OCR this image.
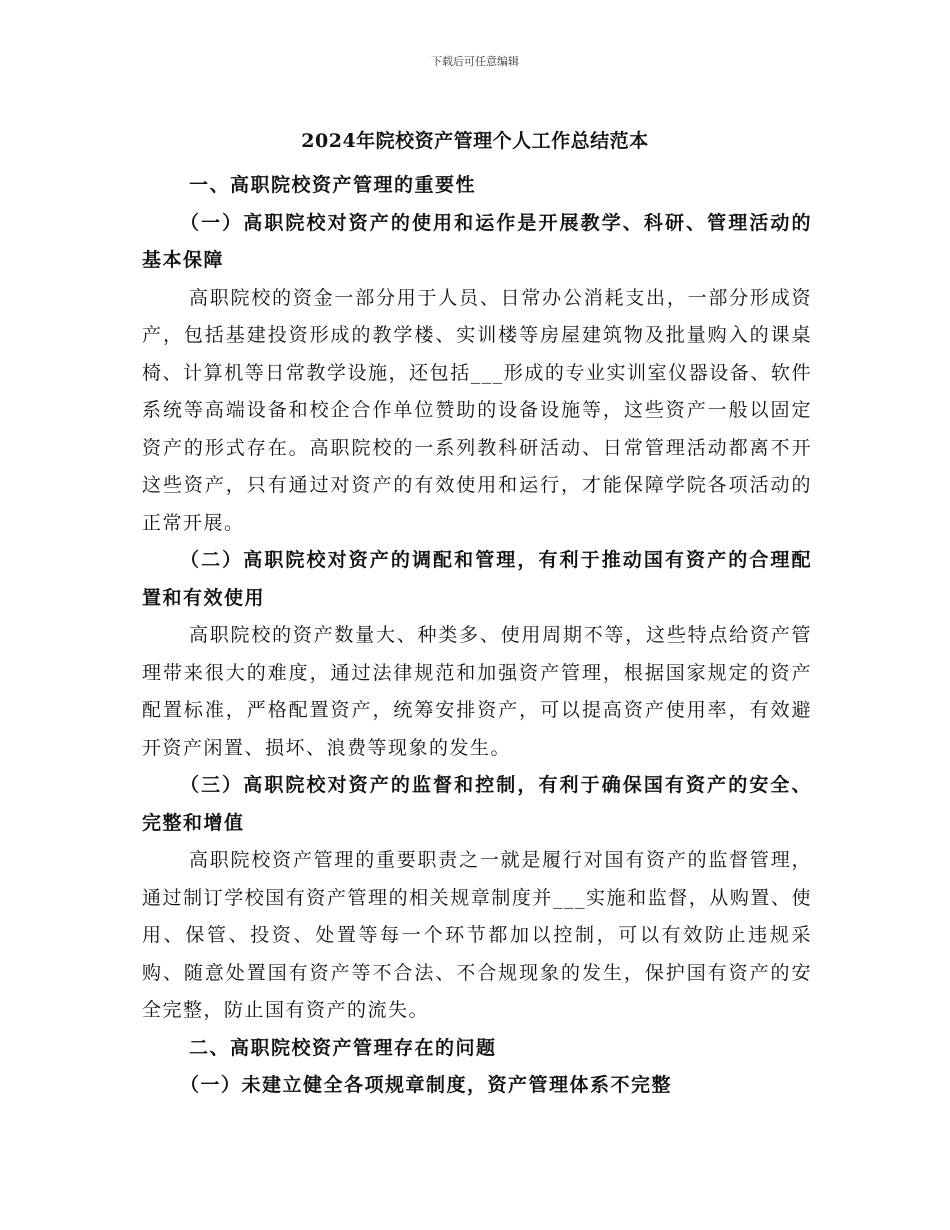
下载后可任意编辑
2024年院校资产管理个人工作总结范本

一、高职院校资产管理的重要性

（一）高职院校对资产的使用和运作是开展教学、科研、管理活动的基本保障

高职院校的资金一部分用于人员、日常办公消耗支出，一部分形成资产，包括基建投资形成的教学楼、实训楼等房屋建筑物及批量购入的课桌椅、计算机等日常教学设施，还包括___形成的专业实训室仪器设备、软件系统等高端设备和校企合作单位赞助的设备设施等，这些资产一般以固定资产的形式存在。高职院校的一系列教科研活动、日常管理活动都离不开这些资产，只有通过对资产的有效使用和运行，才能保障学院各项活动的正常开展。

（二）高职院校对资产的调配和管理，有利于推动国有资产的合理配置和有效使用

高职院校的资产数量大、种类多、使用周期不等，这些特点给资产管理带来很大的难度，通过法律规范和加强资产管理，根据国家规定的资产配置标准，严格配置资产，统筹安排资产，可以提高资产使用率，有效避开资产闲置、损坏、浪费等现象的发生。

（三）高职院校对资产的监督和控制，有利于确保国有资产的安全、完整和增值

高职院校资产管理的重要职责之一就是履行对国有资产的监督管理，通过制订学校国有资产管理的相关规章制度并___实施和监督，从购置、使用、保管、投资、处置等每一个环节都加以控制，可以有效防止违规采购、随意处置国有资产等不合法、不合规现象的发生，保护国有资产的安全完整，防止国有资产的流失。

二、高职院校资产管理存在的问题

（一）未建立健全各项规章制度，资产管理体系不完整
